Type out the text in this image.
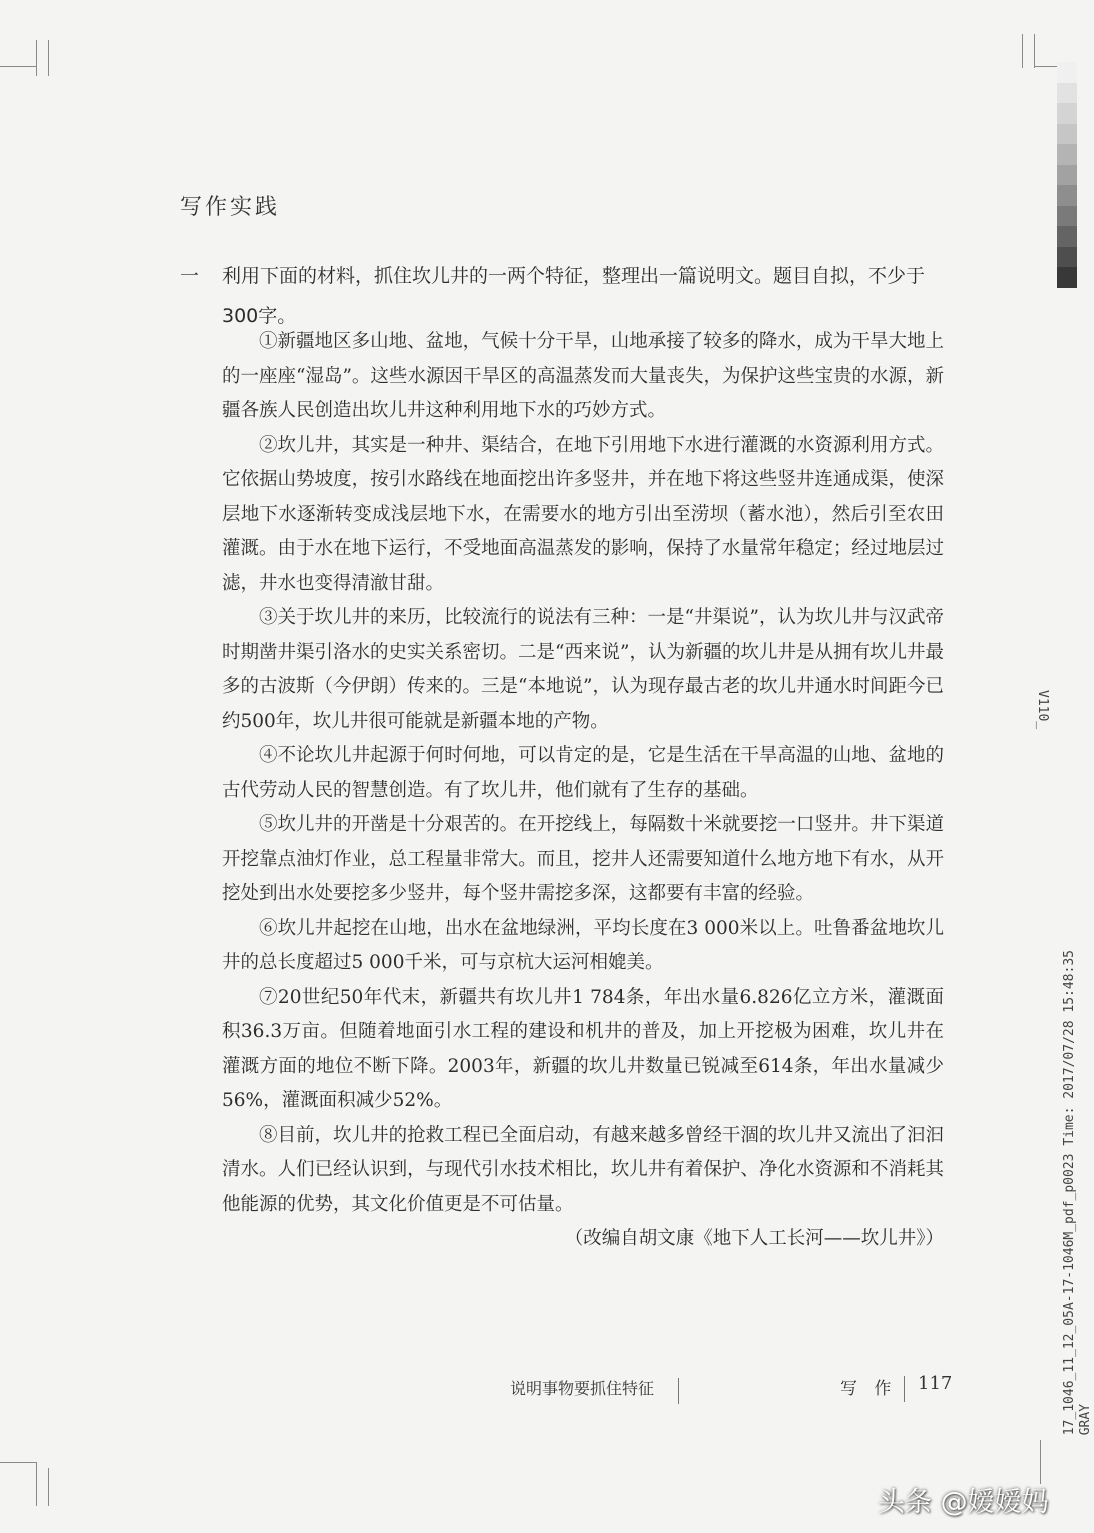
写作实践
一 利用下面的材料，抓住坎儿井的一两个特征，整理出一篇说明文。题目自拟，不少于300字。

①新疆地区多山地、盆地，气候十分干旱，山地承接了较多的降水，成为干旱大地上的一座座“湿岛”。这些水源因干旱区的高温蒸发而大量丧失，为保护这些宝贵的水源，新疆各族人民创造出坎儿井这种利用地下水的巧妙方式。

②坎儿井，其实是一种井、渠结合，在地下引用地下水进行灌溉的水资源利用方式。它依据山势坡度，按引水路线在地面挖出许多竖井，并在地下将这些竖井连通成渠，使深层地下水逐渐转变成浅层地下水，在需要水的地方引出至涝坝（蓄水池），然后引至农田灌溉。由于水在地下运行，不受地面高温蒸发的影响，保持了水量常年稳定；经过地层过滤，井水也变得清澈甘甜。

③关于坎儿井的来历，比较流行的说法有三种：一是“井渠说”，认为坎儿井与汉武帝时期凿井渠引洛水的史实关系密切。二是“西来说”，认为新疆的坎儿井是从拥有坎儿井最多的古波斯（今伊朗）传来的。三是“本地说”，认为现存最古老的坎儿井通水时间距今已约500年，坎儿井很可能就是新疆本地的产物。

④不论坎儿井起源于何时何地，可以肯定的是，它是生活在干旱高温的山地、盆地的古代劳动人民的智慧创造。有了坎儿井，他们就有了生存的基础。

⑤坎儿井的开凿是十分艰苦的。在开挖线上，每隔数十米就要挖一口竖井。井下渠道开挖靠点油灯作业，总工程量非常大。而且，挖井人还需要知道什么地方地下有水，从开挖处到出水处要挖多少竖井，每个竖井需挖多深，这都要有丰富的经验。

⑥坎儿井起挖在山地，出水在盆地绿洲，平均长度在3 000米以上。吐鲁番盆地坎儿井的总长度超过5 000千米，可与京杭大运河相媲美。

⑦20世纪50年代末，新疆共有坎儿井1 784条，年出水量6.826亿立方米，灌溉面积36.3万亩。但随着地面引水工程的建设和机井的普及，加上开挖极为困难，坎儿井在灌溉方面的地位不断下降。2003年，新疆的坎儿井数量已锐减至614条，年出水量减少56%，灌溉面积减少52%。

⑧目前，坎儿井的抢救工程已全面启动，有越来越多曾经干涸的坎儿井又流出了汩汩清水。人们已经认识到，与现代引水技术相比，坎儿井有着保护、净化水资源和不消耗其他能源的优势，其文化价值更是不可估量。

（改编自胡文康《地下人工长河——坎儿井》）

说明事物要抓住特征	写 作 117
V110_
17_1046_11_12_05A-17-1046M_pdf_p0023 Time: 2017/07/28 15:48:35 GRAY
头条 @嫒嫒妈
